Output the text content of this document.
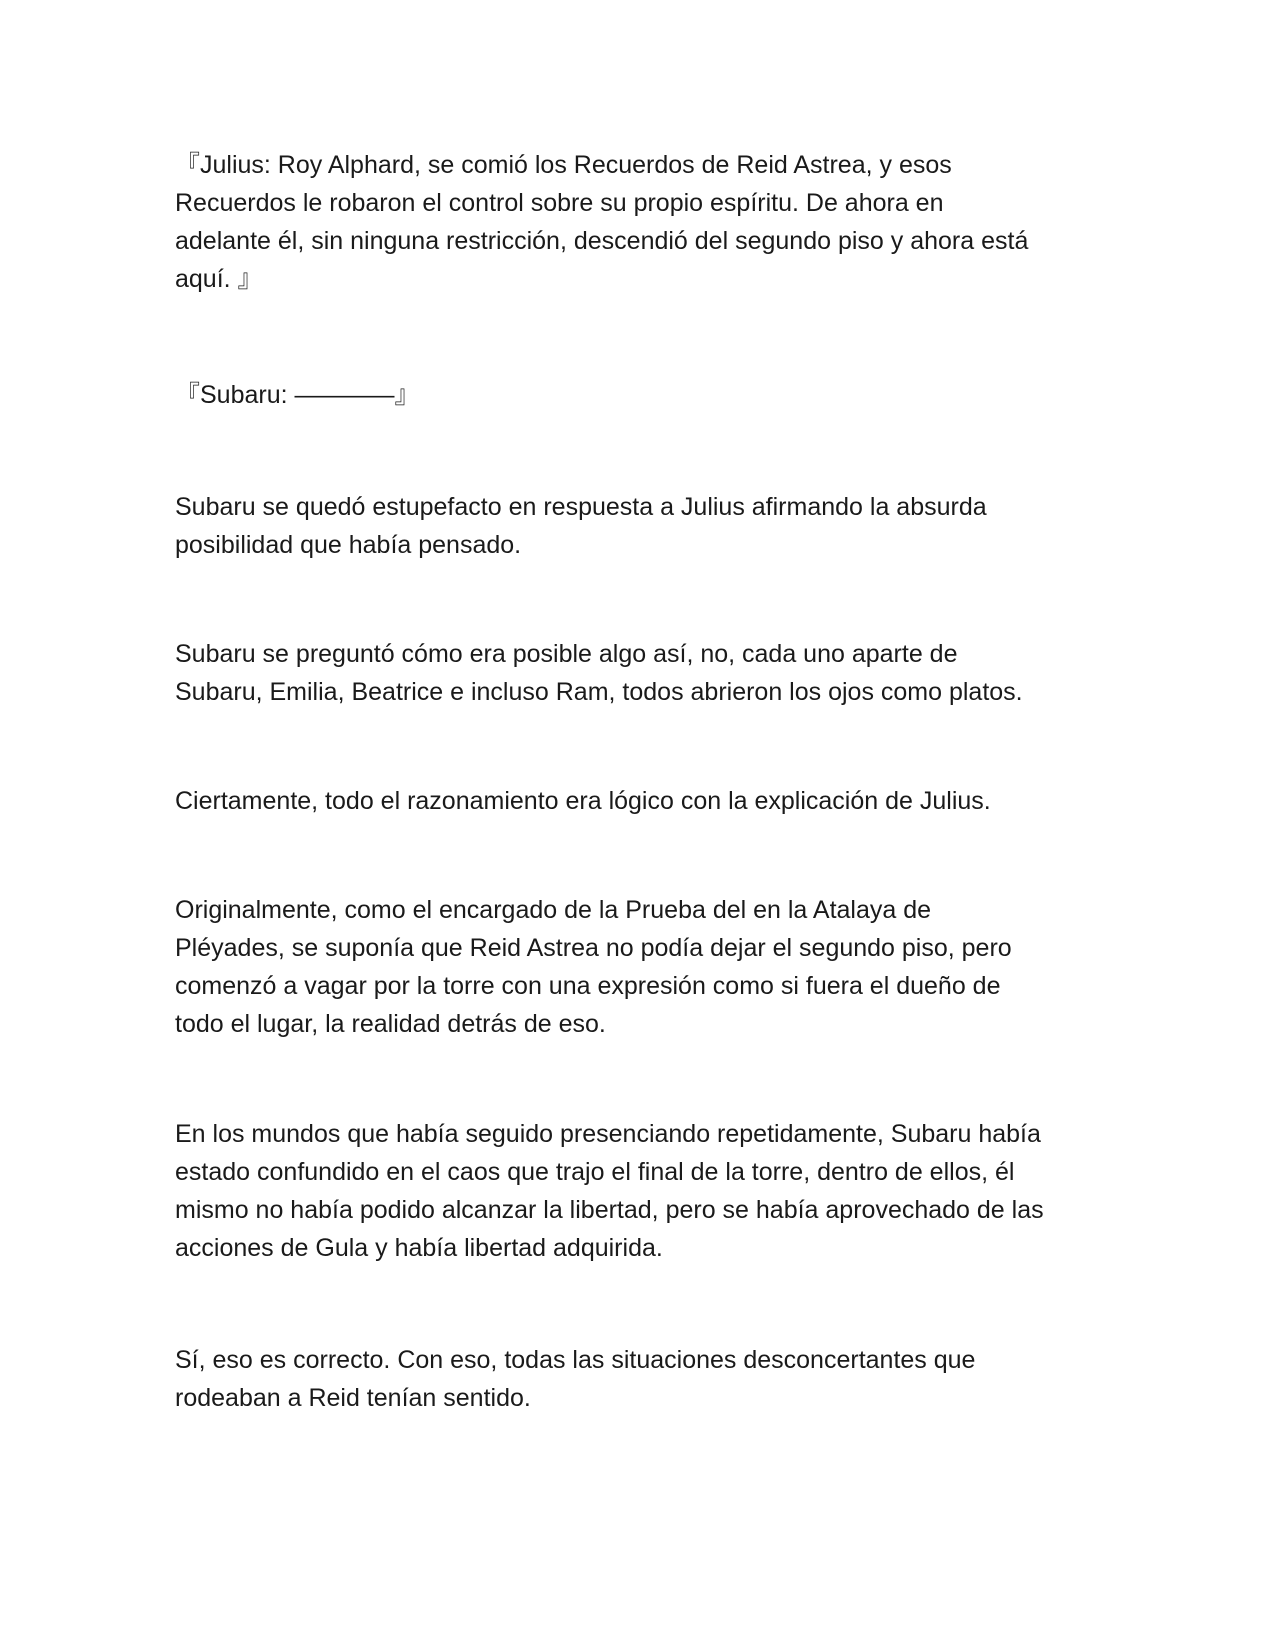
『Julius: Roy Alphard, se comió los Recuerdos de Reid Astrea, y esos
Recuerdos le robaron el control sobre su propio espíritu. De ahora en
adelante él, sin ninguna restricción, descendió del segundo piso y ahora está
aquí. 』

『Subaru: ————』

Subaru se quedó estupefacto en respuesta a Julius afirmando la absurda
posibilidad que había pensado.

Subaru se preguntó cómo era posible algo así, no, cada uno aparte de
Subaru, Emilia, Beatrice e incluso Ram, todos abrieron los ojos como platos.

Ciertamente, todo el razonamiento era lógico con la explicación de Julius.

Originalmente, como el encargado de la Prueba del en la Atalaya de
Pléyades, se suponía que Reid Astrea no podía dejar el segundo piso, pero
comenzó a vagar por la torre con una expresión como si fuera el dueño de
todo el lugar, la realidad detrás de eso.

En los mundos que había seguido presenciando repetidamente, Subaru había
estado confundido en el caos que trajo el final de la torre, dentro de ellos, él
mismo no había podido alcanzar la libertad, pero se había aprovechado de las
acciones de Gula y había libertad adquirida.

Sí, eso es correcto. Con eso, todas las situaciones desconcertantes que
rodeaban a Reid tenían sentido.
